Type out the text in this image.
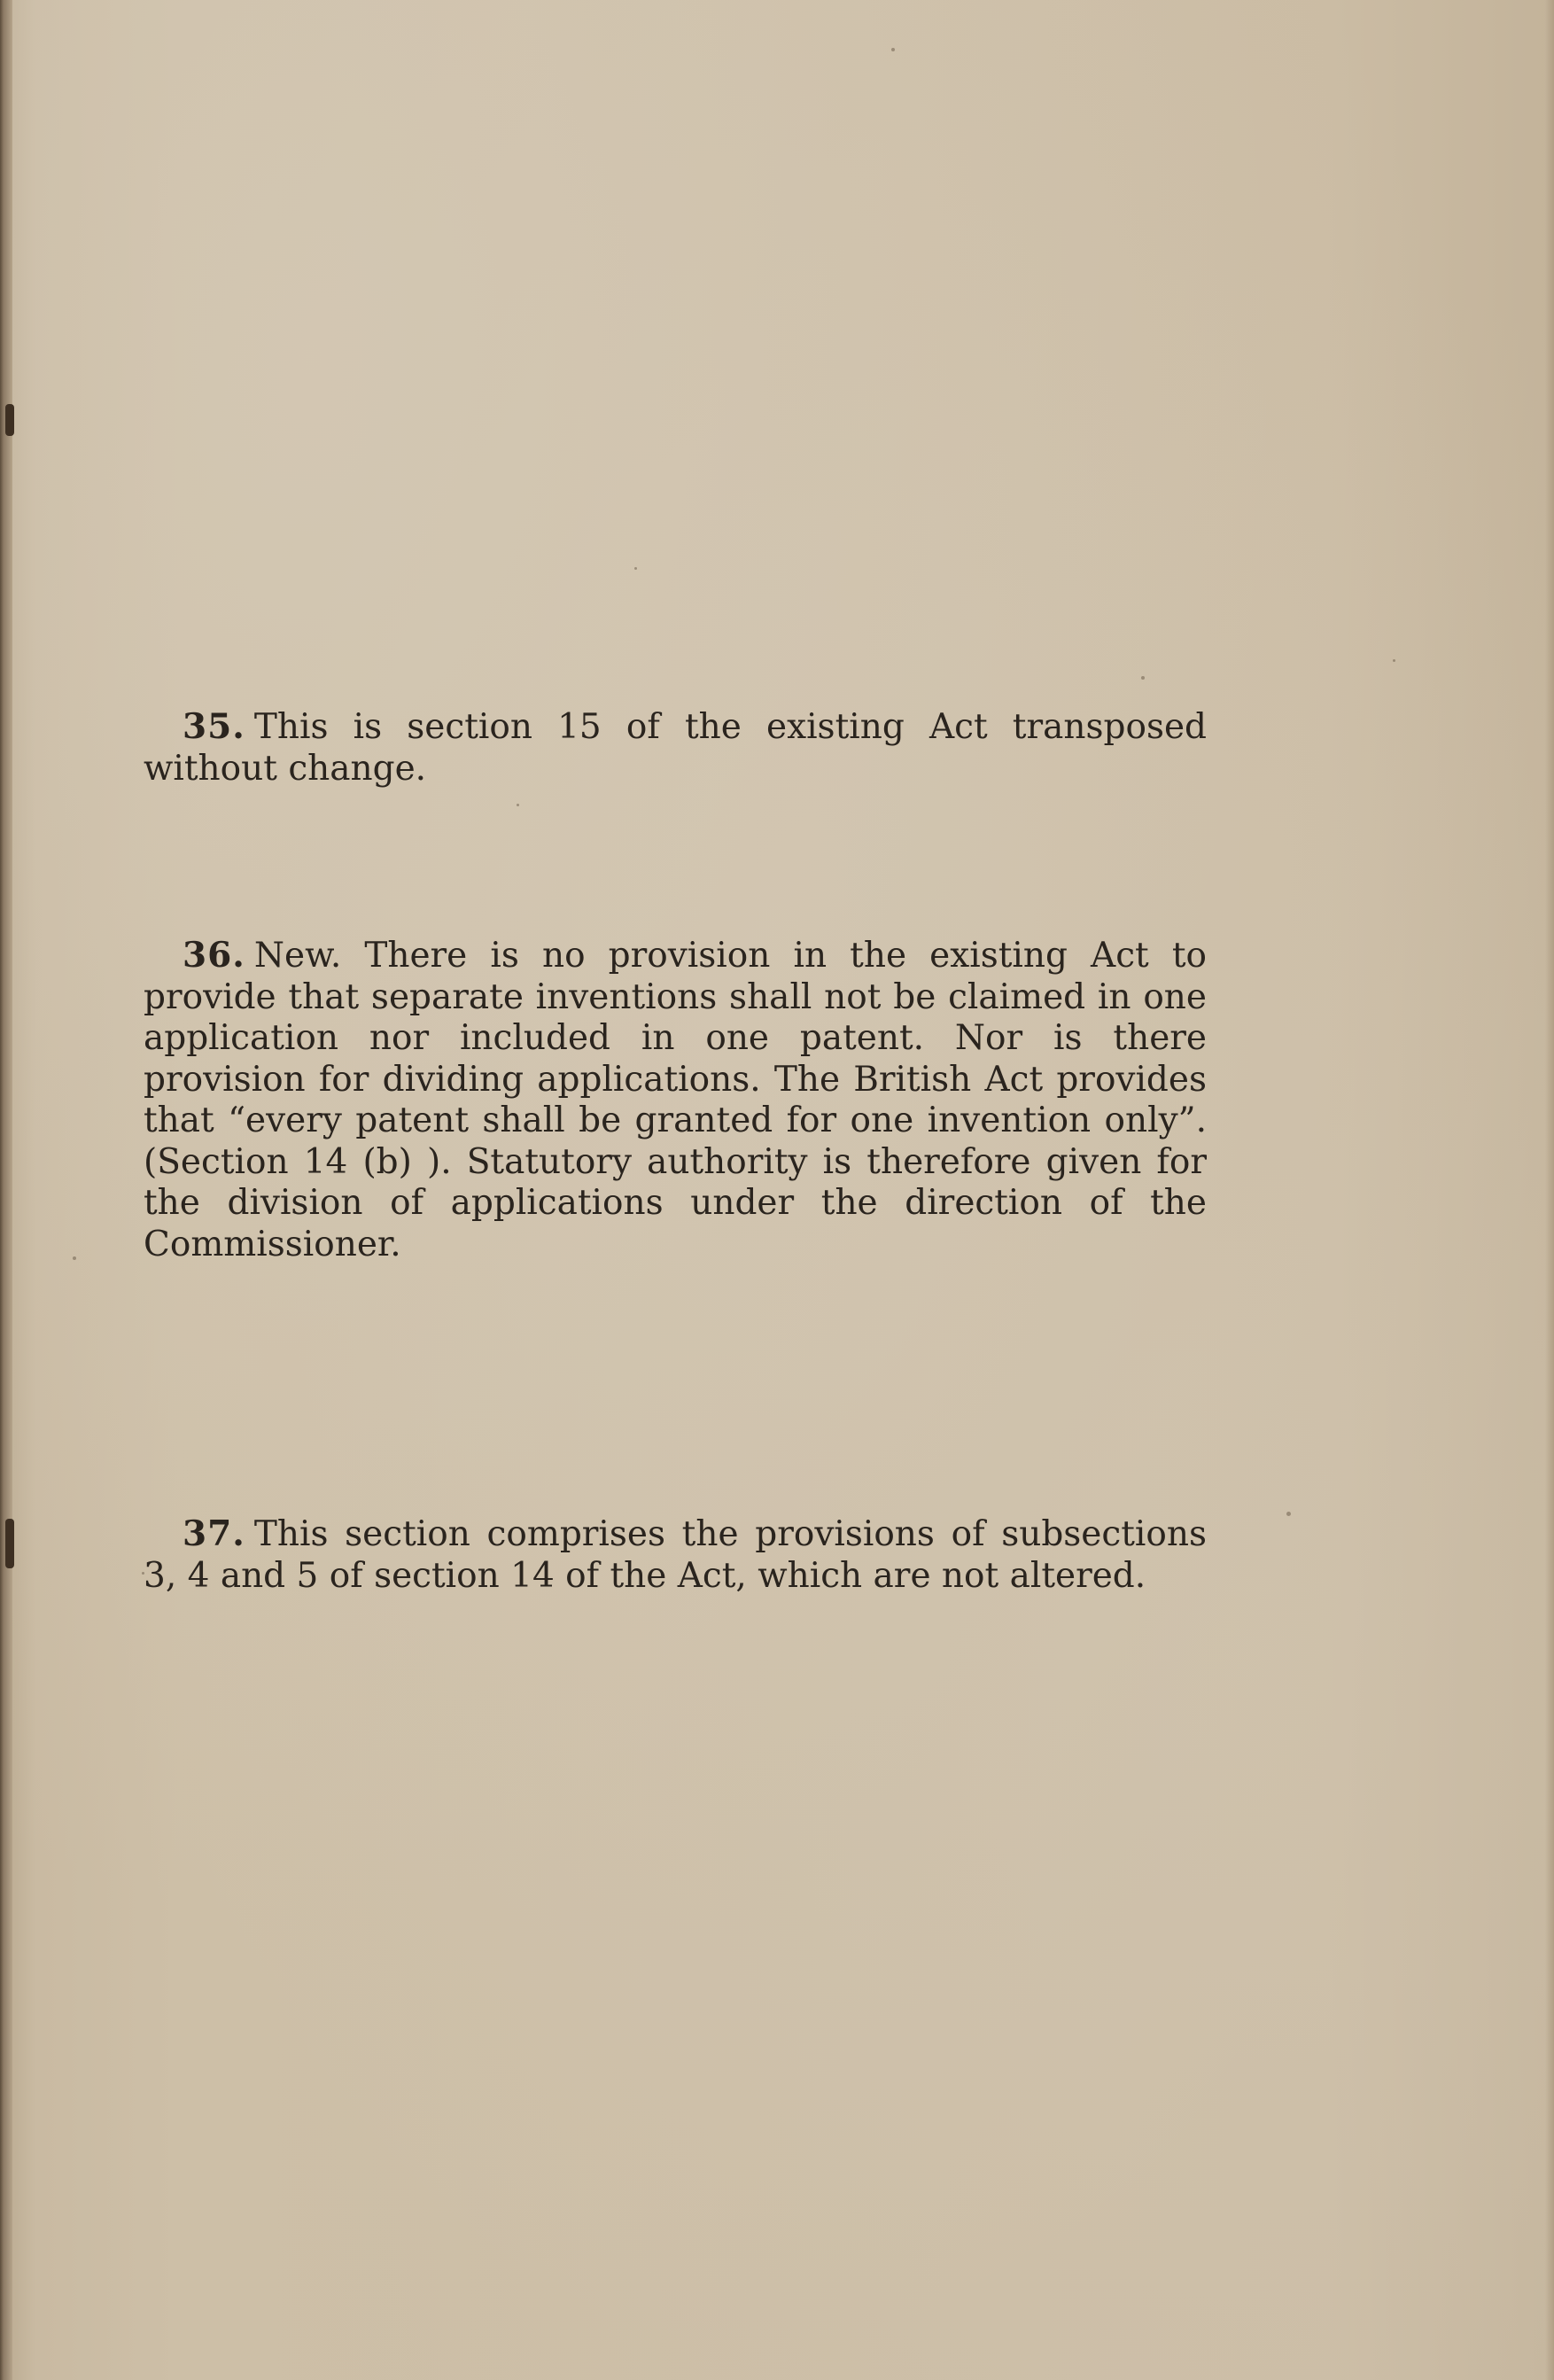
35. This is section 15 of the existing Act transposed without change.

36. New. There is no provision in the existing Act to provide that separate inventions shall not be claimed in one application nor included in one patent. Nor is there provision for dividing applications. The British Act provides that “every patent shall be granted for one invention only”. (Section 14 (b) ). Statutory authority is therefore given for the division of applications under the direction of the Commissioner.

37. This section comprises the provisions of subsections 3, 4 and 5 of section 14 of the Act, which are not altered.
